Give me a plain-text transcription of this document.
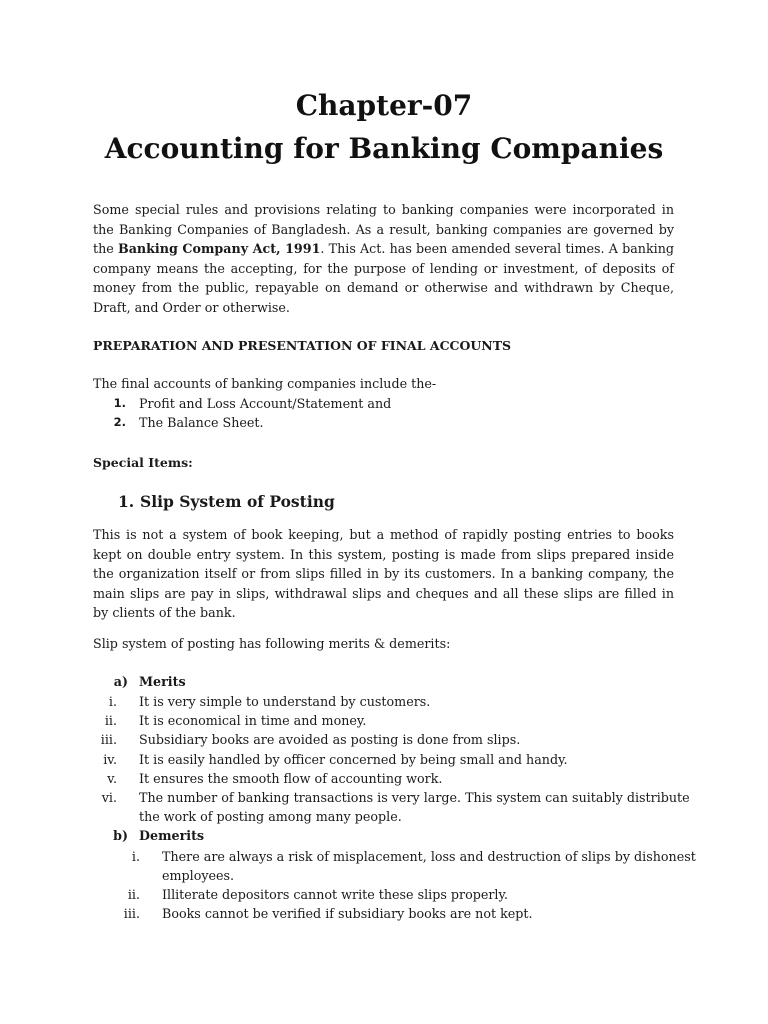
Chapter-07
Accounting for Banking Companies

Some special rules and provisions relating to banking companies were incorporated in the Banking Companies of Bangladesh. As a result, banking companies are governed by the Banking Company Act, 1991. This Act. has been amended several times. A banking company means the accepting, for the purpose of lending or investment, of deposits of money from the public, repayable on demand or otherwise and withdrawn by Cheque, Draft, and Order or otherwise.

PREPARATION AND PRESENTATION OF FINAL ACCOUNTS

The final accounts of banking companies include the-

1. Profit and Loss Account/Statement and
2. The Balance Sheet.

Special Items:

1. Slip System of Posting

This is not a system of book keeping, but a method of rapidly posting entries to books kept on double entry system. In this system, posting is made from slips prepared inside the organization itself or from slips filled in by its customers. In a banking company, the main slips are pay in slips, withdrawal slips and cheques and all these slips are filled in by clients of the bank.

Slip system of posting has following merits & demerits:

a) Merits
i. It is very simple to understand by customers.
ii. It is economical in time and money.
iii. Subsidiary books are avoided as posting is done from slips.
iv. It is easily handled by officer concerned by being small and handy.
v. It ensures the smooth flow of accounting work.
vi. The number of banking transactions is very large. This system can suitably distribute
the work of posting among many people.
b) Demerits
i. There are always a risk of misplacement, loss and destruction of slips by dishonest
employees.
ii. Illiterate depositors cannot write these slips properly.
iii. Books cannot be verified if subsidiary books are not kept.
